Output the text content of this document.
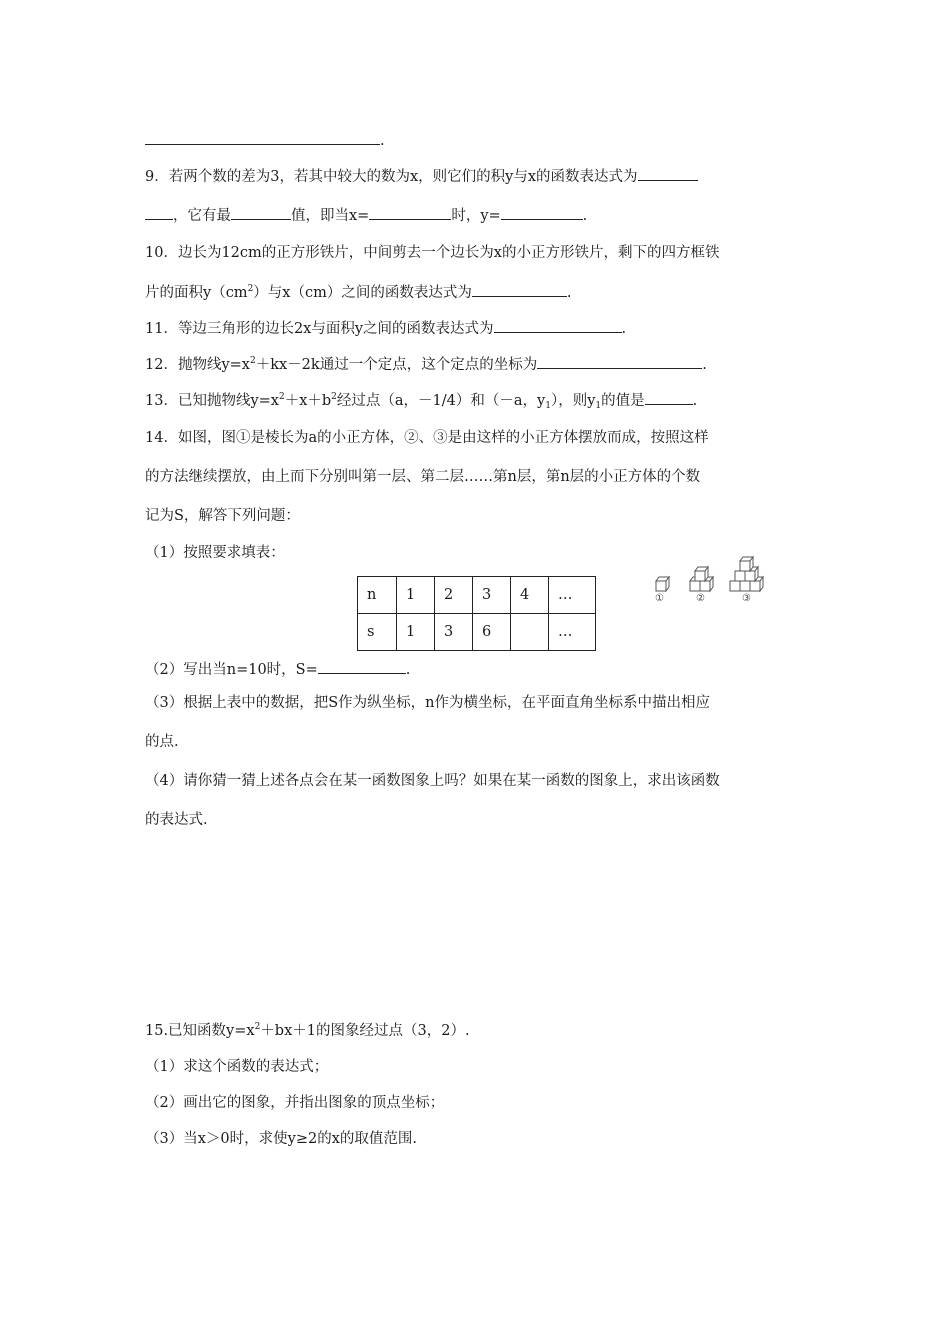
.
9．若两个数的差为3，若其中较大的数为x，则它们的积y与x的函数表达式为
，它有最	值，即当x=	时，y=	.
10．边长为12cm的正方形铁片，中间剪去一个边长为x的小正方形铁片，剩下的四方框铁
片的面积$y(cm^2)$与x（cm）之间的函数表达式为	.
11．等边三角形的边长2x与面积y之间的函数表达式为	.
12．抛物线$y=x^2+kx-2k$通过一个定点，这个定点的坐标为	.
13．已知抛物线$y=x^2+x+b^2$经过点（a，－1/4）和（－a，$y_1$），则$y_1$的值是	.
14．如图，图①是棱长为a的小正方体，②、③是由这样的小正方体摆放而成，按照这样
的方法继续摆放，由上而下分别叫第一层、第二层……第n层，第n层的小正方体的个数
记为S，解答下列问题：
（1）按照要求填表：
n	1	2	3	4	…
s	1	3	6		…
①	②	③
（2）写出当n=10时，S=	.
（3）根据上表中的数据，把S作为纵坐标，n作为横坐标，在平面直角坐标系中描出相应
的点.
（4）请你猜一猜上述各点会在某一函数图象上吗？如果在某一函数的图象上，求出该函数
的表达式.
15.已知函数$y=x^2+bx+1$的图象经过点（3，2）.
（1）求这个函数的表达式；
（2）画出它的图象，并指出图象的顶点坐标；
（3）当x＞0时，求使y≥2的x的取值范围.
